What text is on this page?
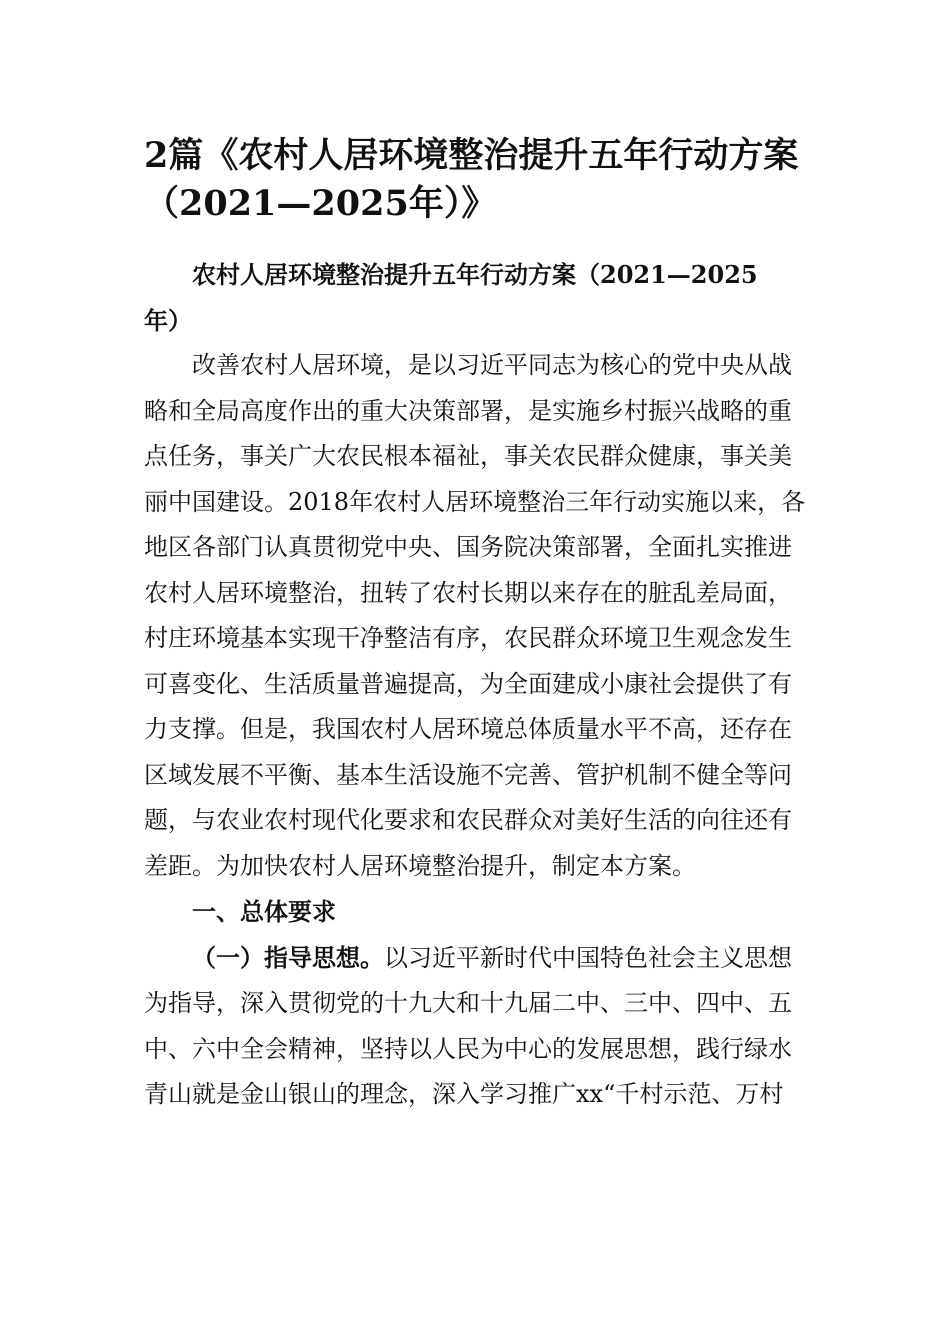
2篇《农村人居环境整治提升五年行动方案
（2021—2025年）》
农村人居环境整治提升五年行动方案（2021—2025
年）
改善农村人居环境，是以习近平同志为核心的党中央从战
略和全局高度作出的重大决策部署，是实施乡村振兴战略的重
点任务，事关广大农民根本福祉，事关农民群众健康，事关美
丽中国建设。2018年农村人居环境整治三年行动实施以来，各
地区各部门认真贯彻党中央、国务院决策部署，全面扎实推进
农村人居环境整治，扭转了农村长期以来存在的脏乱差局面，
村庄环境基本实现干净整洁有序，农民群众环境卫生观念发生
可喜变化、生活质量普遍提高，为全面建成小康社会提供了有
力支撑。但是，我国农村人居环境总体质量水平不高，还存在
区域发展不平衡、基本生活设施不完善、管护机制不健全等问
题，与农业农村现代化要求和农民群众对美好生活的向往还有
差距。为加快农村人居环境整治提升，制定本方案。
一、总体要求
（一）指导思想。以习近平新时代中国特色社会主义思想
为指导，深入贯彻党的十九大和十九届二中、三中、四中、五
中、六中全会精神，坚持以人民为中心的发展思想，践行绿水
青山就是金山银山的理念，深入学习推广xx“千村示范、万村
